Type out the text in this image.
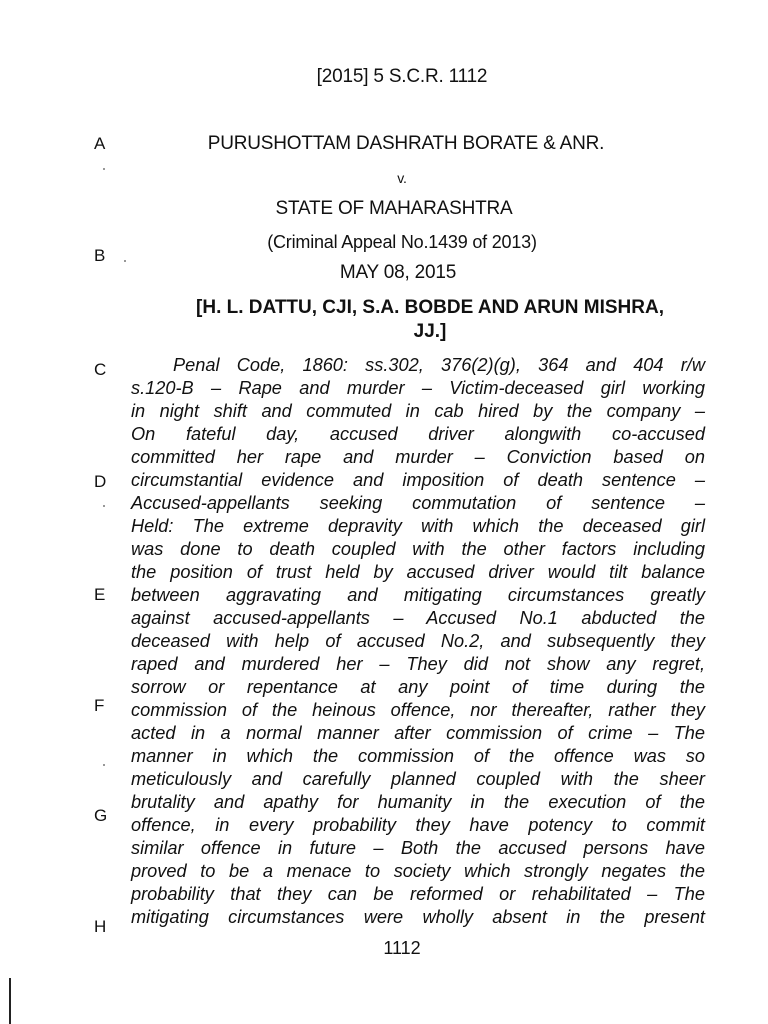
[2015] 5 S.C.R. 1112
PURUSHOTTAM DASHRATH BORATE & ANR.
v.
STATE OF MAHARASHTRA
(Criminal Appeal No.1439 of 2013)
MAY 08, 2015
[H. L. DATTU, CJI, S.A. BOBDE AND ARUN MISHRA,
JJ.]
A
B
C
D
E
F
G
H
Penal Code, 1860: ss.302, 376(2)(g), 364 and 404 r/w
s.120-B – Rape and murder – Victim-deceased girl working
in night shift and commuted in cab hired by the company –
On fateful day, accused driver alongwith co-accused
committed her rape and murder – Conviction based on
circumstantial evidence and imposition of death sentence –
Accused-appellants seeking commutation of sentence –
Held: The extreme depravity with which the deceased girl
was done to death coupled with the other factors including
the position of trust held by accused driver would tilt balance
between aggravating and mitigating circumstances greatly
against accused-appellants – Accused No.1 abducted the
deceased with help of accused No.2, and subsequently they
raped and murdered her – They did not show any regret,
sorrow or repentance at any point of time during the
commission of the heinous offence, nor thereafter, rather they
acted in a normal manner after commission of crime – The
manner in which the commission of the offence was so
meticulously and carefully planned coupled with the sheer
brutality and apathy for humanity in the execution of the
offence, in every probability they have potency to commit
similar offence in future – Both the accused persons have
proved to be a menace to society which strongly negates the
probability that they can be reformed or rehabilitated – The
mitigating circumstances were wholly absent in the present
1112
